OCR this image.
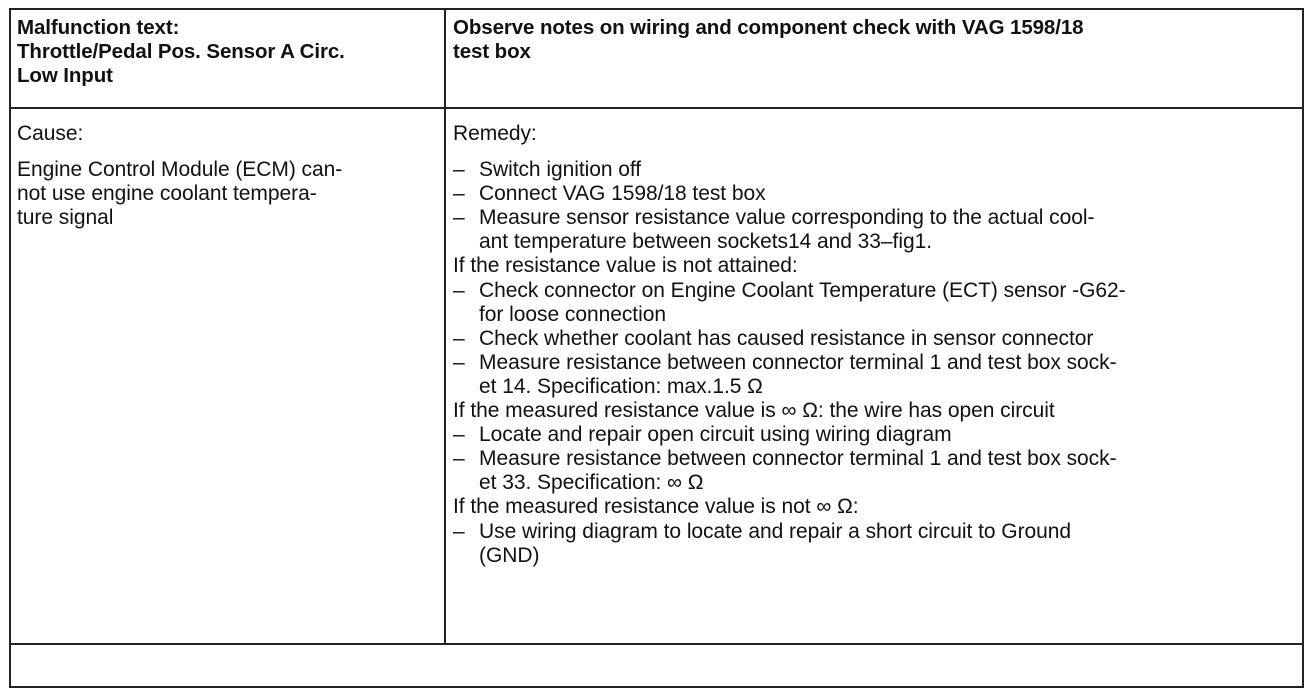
Malfunction text:
Throttle/Pedal Pos. Sensor A Circ.
Low Input
Observe notes on wiring and component check with VAG 1598/18
test box
Cause:
Engine Control Module (ECM) can-
not use engine coolant tempera-
ture signal
Remedy:
– Switch ignition off
– Connect VAG 1598/18 test box
– Measure sensor resistance value corresponding to the actual cool-
ant temperature between sockets14 and 33–fig1.
If the resistance value is not attained:
– Check connector on Engine Coolant Temperature (ECT) sensor -G62-
for loose connection
– Check whether coolant has caused resistance in sensor connector
– Measure resistance between connector terminal 1 and test box sock-
et 14. Specification: max.1.5 Ω
If the measured resistance value is ∞ Ω: the wire has open circuit
– Locate and repair open circuit using wiring diagram
– Measure resistance between connector terminal 1 and test box sock-
et 33. Specification: ∞ Ω
If the measured resistance value is not ∞ Ω:
– Use wiring diagram to locate and repair a short circuit to Ground
(GND)
